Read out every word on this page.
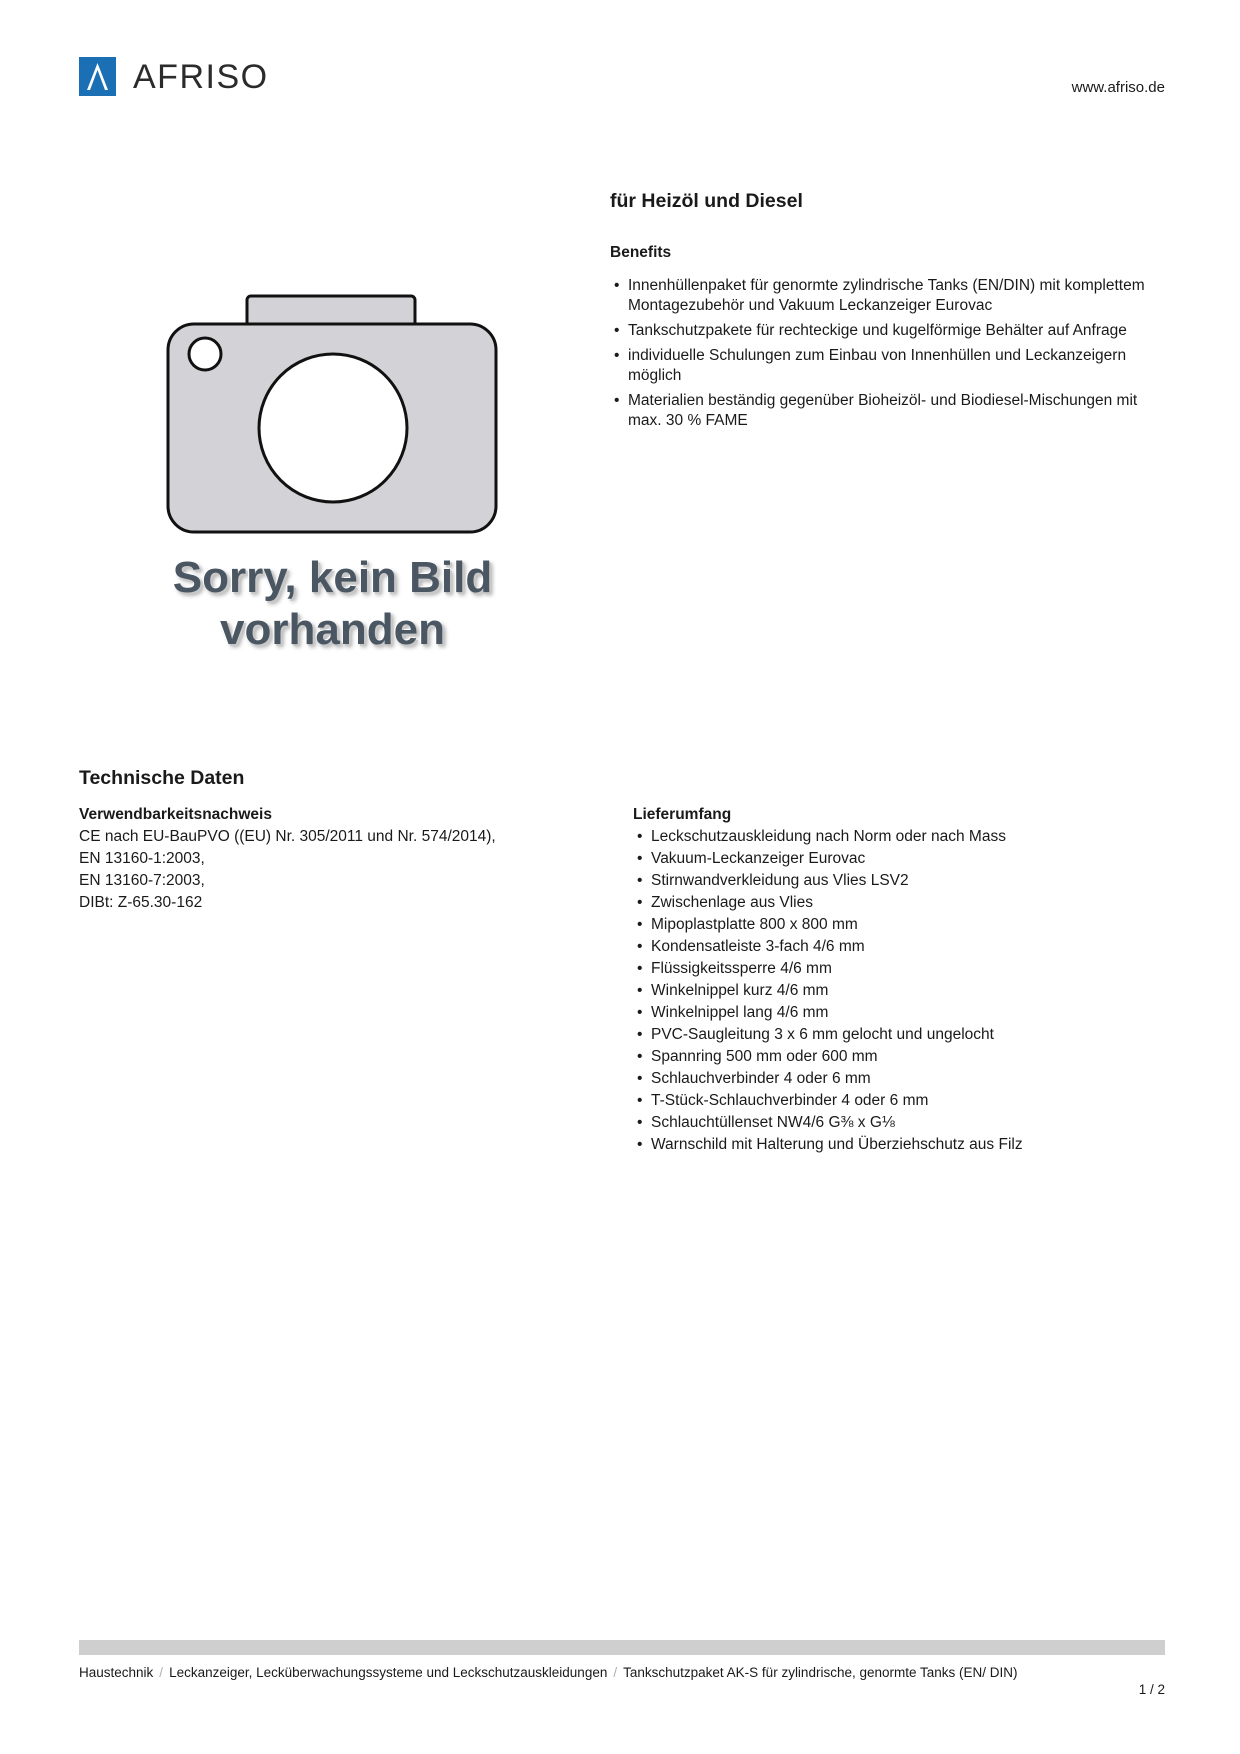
AFRISO	www.afriso.de
Sorry, kein Bild
vorhanden
für Heizöl und Diesel
Benefits
• Innenhüllenpaket für genormte zylindrische Tanks (EN/DIN) mit komplettem Montagezubehör und Vakuum Leckanzeiger Eurovac
• Tankschutzpakete für rechteckige und kugelförmige Behälter auf Anfrage
• individuelle Schulungen zum Einbau von Innenhüllen und Leckanzeigern möglich
• Materialien beständig gegenüber Bioheizöl- und Biodiesel-Mischungen mit max. 30 % FAME
Technische Daten
Verwendbarkeitsnachweis
CE nach EU-BauPVO ((EU) Nr. 305/2011 und Nr. 574/2014),
EN 13160-1:2003,
EN 13160-7:2003,
DIBt: Z-65.30-162
Lieferumfang
• Leckschutzauskleidung nach Norm oder nach Mass
• Vakuum-Leckanzeiger Eurovac
• Stirnwandverkleidung aus Vlies LSV2
• Zwischenlage aus Vlies
• Mipoplastplatte 800 x 800 mm
• Kondensatleiste 3-fach 4/6 mm
• Flüssigkeitssperre 4/6 mm
• Winkelnippel kurz 4/6 mm
• Winkelnippel lang 4/6 mm
• PVC-Saugleitung 3 x 6 mm gelocht und ungelocht
• Spannring 500 mm oder 600 mm
• Schlauchverbinder 4 oder 6 mm
• T-Stück-Schlauchverbinder 4 oder 6 mm
• Schlauchtüllenset NW4/6 G⅜ x G⅛
• Warnschild mit Halterung und Überziehschutz aus Filz
Haustechnik / Leckanzeiger, Lecküberwachungssysteme und Leckschutzauskleidungen / Tankschutzpaket AK-S für zylindrische, genormte Tanks (EN/ DIN)
1 / 2
